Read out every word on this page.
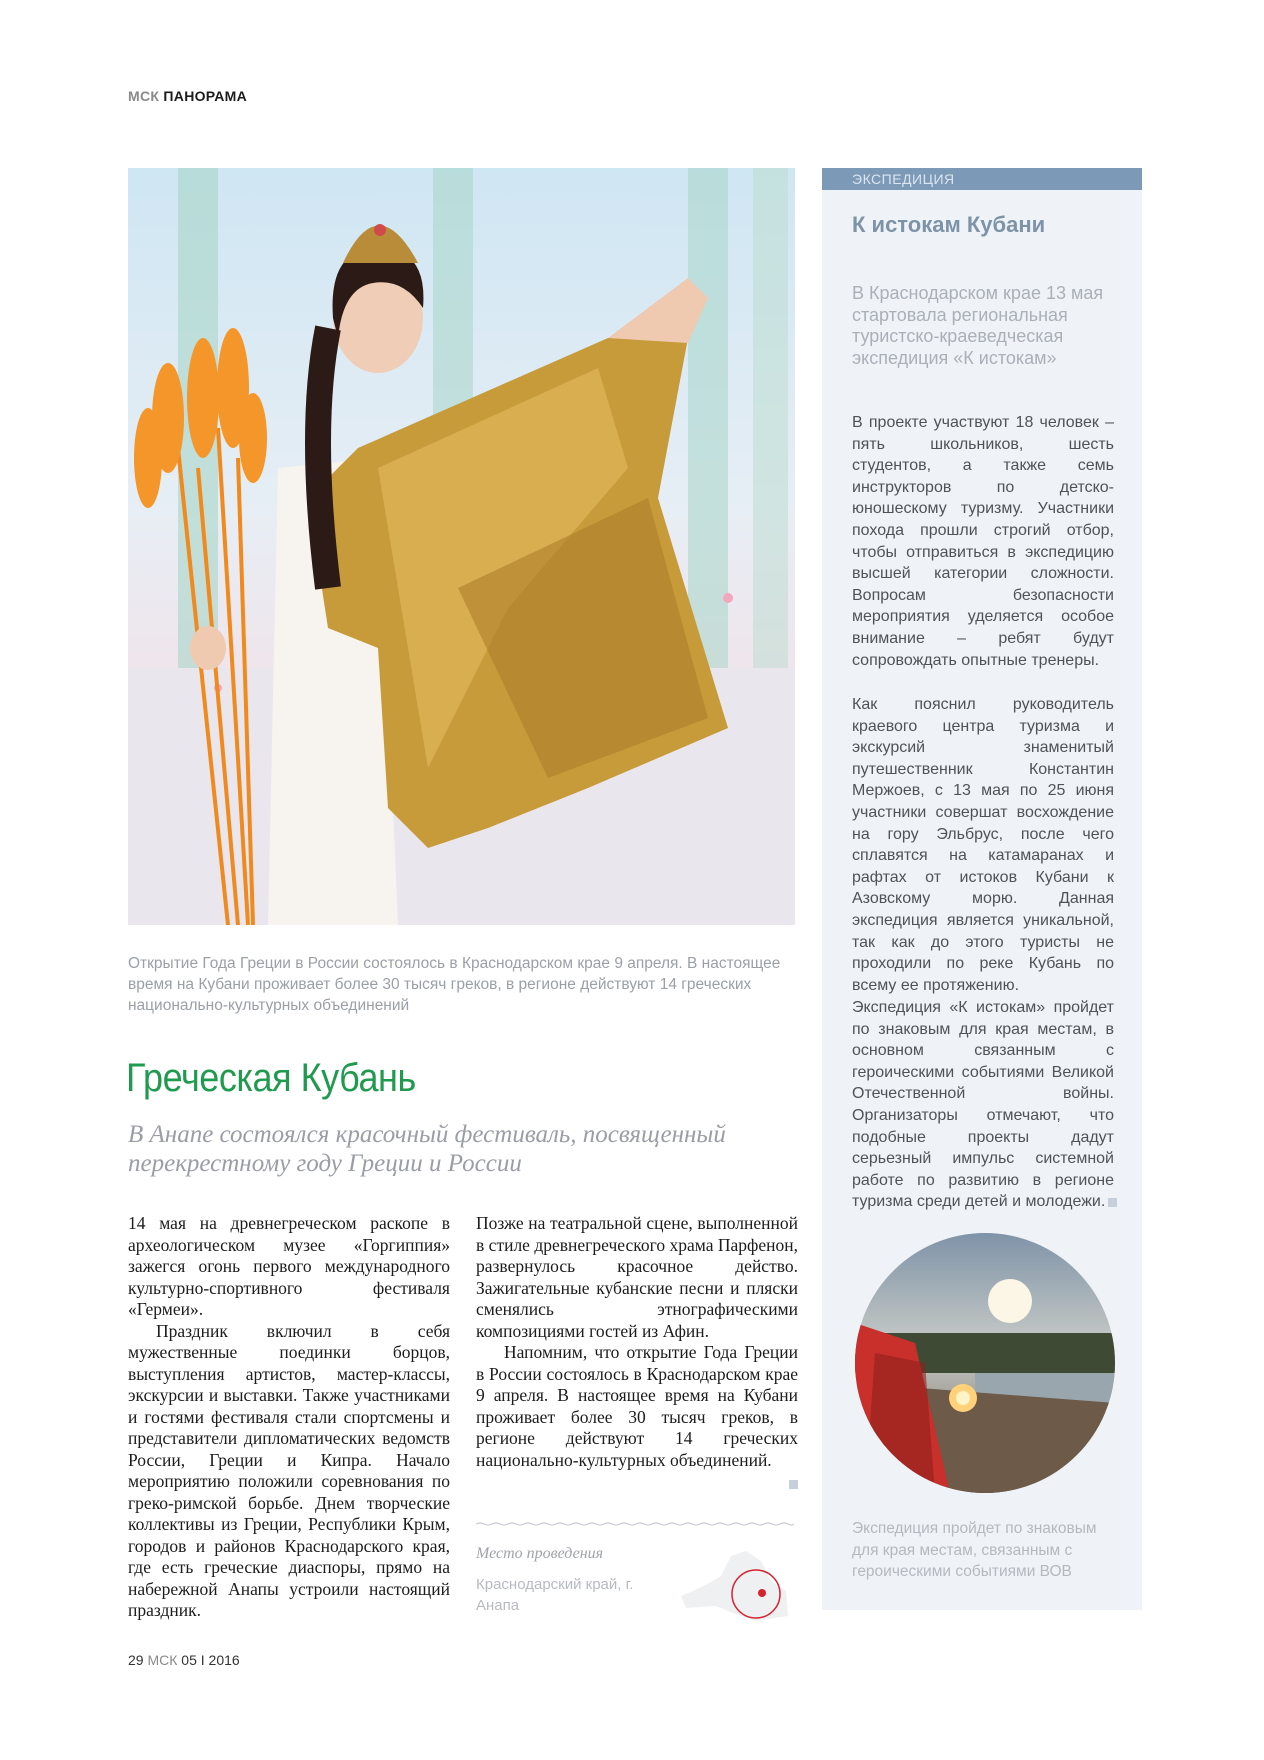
МСК ПАНОРАМА
Открытие Года Греции в России состоялось в Краснодарском крае 9 апреля. В настоящее время на Кубани проживает более 30 тысяч греков, в регионе действуют 14 греческих национально-культурных объединений
Греческая Кубань
В Анапе состоялся красочный фестиваль, посвященный перекрестному году Греции и России

14 мая на древнегреческом раскопе в археологическом музее «Горгиппия» зажегся огонь первого международного культурно-спортивного фестиваля «Гермеи».

Праздник включил в себя мужественные поединки борцов, выступления артистов, мастер-классы, экскурсии и выставки. Также участниками и гостями фестиваля стали спортсмены и представители дипломатических ведомств России, Греции и Кипра. Начало мероприятию положили соревнования по греко-римской борьбе. Днем творческие коллективы из Греции, Республики Крым, городов и районов Краснодарского края, где есть греческие диаспоры, прямо на набережной Анапы устроили настоящий праздник.

Позже на театральной сцене, выполненной в стиле древнегреческого храма Парфенон, развернулось красочное действо. Зажигательные кубанские песни и пляски сменялись этнографическими композициями гостей из Афин.

Напомним, что открытие Года Греции в России состоялось в Краснодарском крае 9 апреля. В настоящее время на Кубани проживает более 30 тысяч греков, в регионе действуют 14 греческих национально-культурных объединений.

Место проведения
Краснодарский край, г. Анапа
29 МСК 05 I 2016
ЭКСПЕДИЦИЯ
К истокам Кубани
В Краснодарском крае 13 мая стартовала региональная туристско-краеведческая экспедиция «К истокам»
В проекте участвуют 18 человек – пять школьников, шесть студентов, а также семь инструкторов по детско-юношескому туризму. Участники похода прошли строгий отбор, чтобы отправиться в экспедицию высшей категории сложности. Вопросам безопасности мероприятия уделяется особое внимание – ребят будут сопровождать опытные тренеры.
Как пояснил руководитель краевого центра туризма и экскурсий знаменитый путешественник Константин Мержоев, с 13 мая по 25 июня участники совершат восхождение на гору Эльбрус, после чего сплавятся на катамаранах и рафтах от истоков Кубани к Азовскому морю. Данная экспедиция является уникальной, так как до этого туристы не проходили по реке Кубань по всему ее протяжению.
Экспедиция «К истокам» пройдет по знаковым для края местам, в основном связанным с героическими событиями Великой Отечественной войны. Организаторы отмечают, что подобные проекты дадут серьезный импульс системной работе по развитию в регионе туризма среди детей и молодежи.
Экспедиция пройдет по знаковым для края местам, связанным с героическими событиями ВОВ
